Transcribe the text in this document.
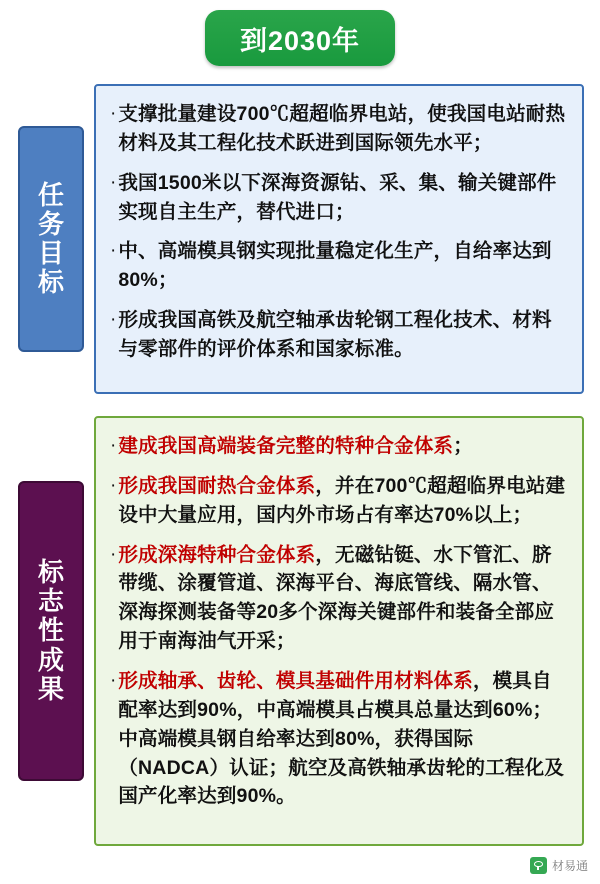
到2030年
任务目标
· 支撑批量建设700℃超超临界电站，使我国电站耐热材料及其工程化技术跃进到国际领先水平；
· 我国1500米以下深海资源钻、采、集、输关键部件实现自主生产，替代进口；
· 中、高端模具钢实现批量稳定化生产，自给率达到80%；
· 形成我国高铁及航空轴承齿轮钢工程化技术、材料与零部件的评价体系和国家标准。
标志性成果
· 建成我国高端装备完整的特种合金体系；
· 形成我国耐热合金体系，并在700℃超超临界电站建设中大量应用，国内外市场占有率达70%以上；
· 形成深海特种合金体系，无磁钻铤、水下管汇、脐带缆、涂覆管道、深海平台、海底管线、隔水管、深海探测装备等20多个深海关键部件和装备全部应用于南海油气开采；
· 形成轴承、齿轮、模具基础件用材料体系，模具自配率达到90%，中高端模具占模具总量达到60%；中高端模具钢自给率达到80%，获得国际（NADCA）认证；航空及高铁轴承齿轮的工程化及国产化率达到90%。
材易通
